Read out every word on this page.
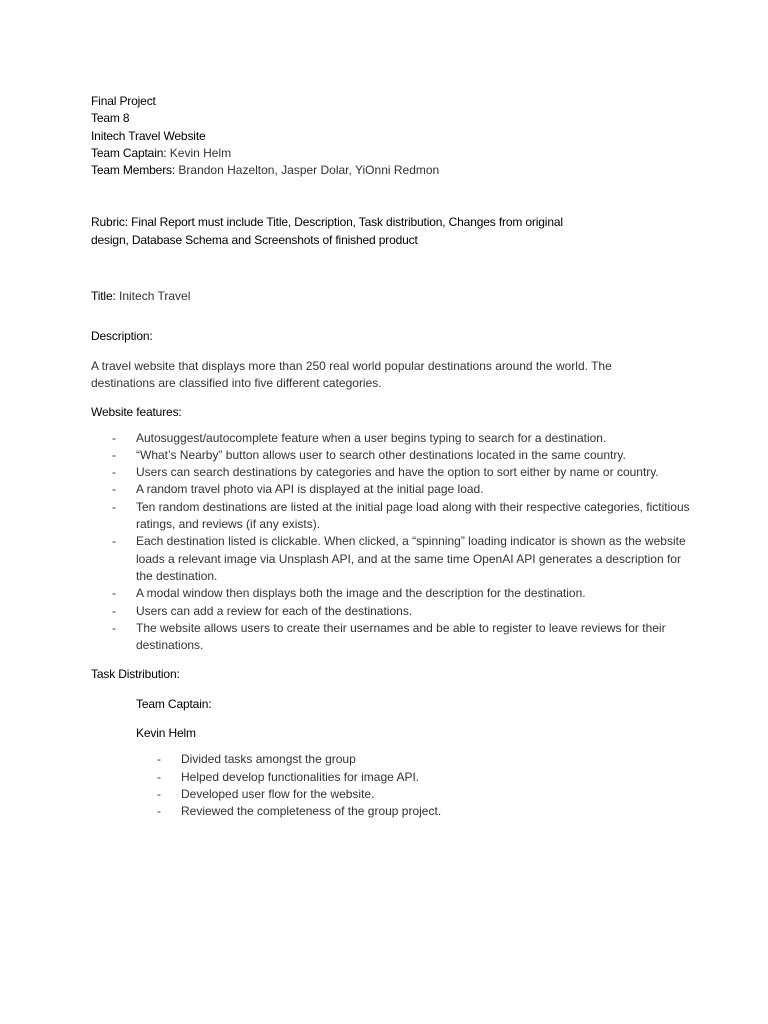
Final Project
Team 8
Initech Travel Website
Team Captain: Kevin Helm
Team Members: Brandon Hazelton, Jasper Dolar, YiOnni Redmon
Rubric: Final Report must include Title, Description, Task distribution, Changes from original
design, Database Schema and Screenshots of finished product
Title: Initech Travel
Description:
A travel website that displays more than 250 real world popular destinations around the world. The destinations are classified into five different categories.
Website features:
- Autosuggest/autocomplete feature when a user begins typing to search for a destination.
- “What’s Nearby” button allows user to search other destinations located in the same country.
- Users can search destinations by categories and have the option to sort either by name or country.
- A random travel photo via API is displayed at the initial page load.
- Ten random destinations are listed at the initial page load along with their respective categories, fictitious ratings, and reviews (if any exists).
- Each destination listed is clickable. When clicked, a “spinning” loading indicator is shown as the website loads a relevant image via Unsplash API, and at the same time OpenAI API generates a description for the destination.
- A modal window then displays both the image and the description for the destination.
- Users can add a review for each of the destinations.
- The website allows users to create their usernames and be able to register to leave reviews for their destinations.
Task Distribution:
Team Captain:
Kevin Helm
- Divided tasks amongst the group
- Helped develop functionalities for image API.
- Developed user flow for the website.
- Reviewed the completeness of the group project.
